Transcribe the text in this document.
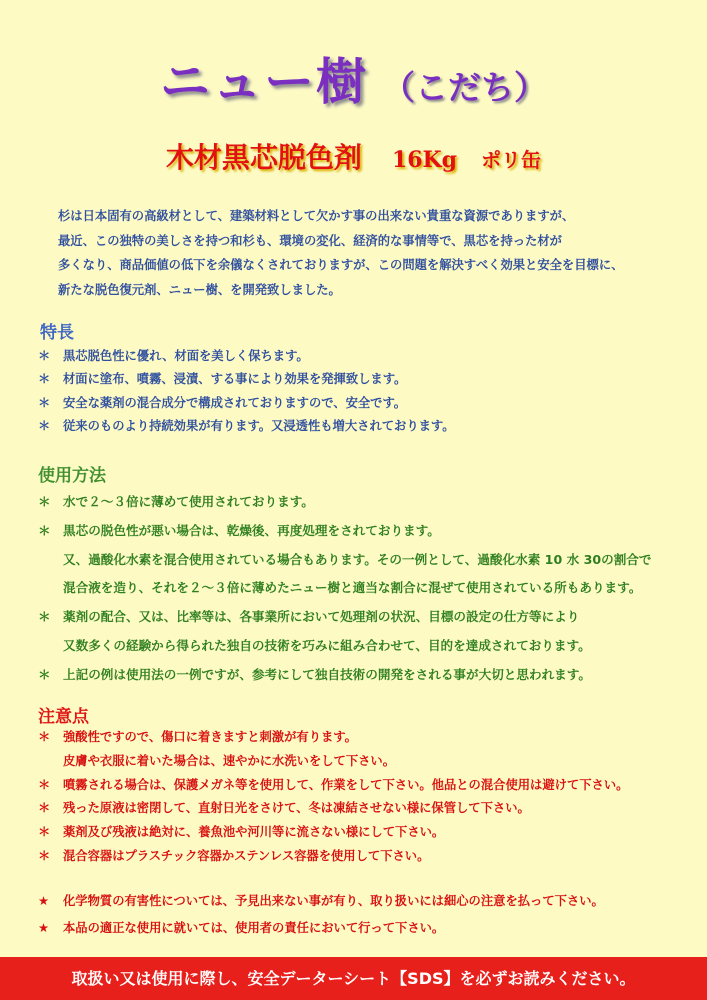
ニュー樹 （こだち）
木材黒芯脱色剤 16Kg ポリ缶
杉は日本固有の高級材として、建築材料として欠かす事の出来ない貴重な資源でありますが、
最近、この独特の美しさを持つ和杉も、環境の変化、経済的な事情等で、黒芯を持った材が
多くなり、商品価値の低下を余儀なくされておりますが、この問題を解決すべく効果と安全を目標に、
新たな脱色復元剤、ニュー樹、を開発致しました。
特長
＊ 黒芯脱色性に優れ、材面を美しく保ちます。
＊ 材面に塗布、噴霧、浸漬、する事により効果を発揮致します。
＊ 安全な薬剤の混合成分で構成されておりますので、安全です。
＊ 従来のものより持続効果が有ります。又浸透性も増大されております。
使用方法
＊ 水で２～３倍に薄めて使用されております。
＊ 黒芯の脱色性が悪い場合は、乾燥後、再度処理をされております。
又、過酸化水素を混合使用されている場合もあります。その一例として、過酸化水素 10 水 30の割合で
混合液を造り、それを２～３倍に薄めたニュー樹と適当な割合に混ぜて使用されている所もあります。
＊ 薬剤の配合、又は、比率等は、各事業所において処理剤の状況、目標の設定の仕方等により
又数多くの経験から得られた独自の技術を巧みに組み合わせて、目的を達成されております。
＊ 上記の例は使用法の一例ですが、参考にして独自技術の開発をされる事が大切と思われます。
注意点
＊ 強酸性ですので、傷口に着きますと刺激が有ります。
皮膚や衣服に着いた場合は、速やかに水洗いをして下さい。
＊ 噴霧される場合は、保護メガネ等を使用して、作業をして下さい。他品との混合使用は避けて下さい。
＊ 残った原液は密閉して、直射日光をさけて、冬は凍結させない様に保管して下さい。
＊ 薬剤及び残液は絶対に、養魚池や河川等に流さない様にして下さい。
＊ 混合容器はプラスチック容器かステンレス容器を使用して下さい。
★ 化学物質の有害性については、予見出来ない事が有り、取り扱いには細心の注意を払って下さい。
★ 本品の適正な使用に就いては、使用者の責任において行って下さい。
取扱い又は使用に際し、安全データーシート【SDS】を必ずお読みください。
